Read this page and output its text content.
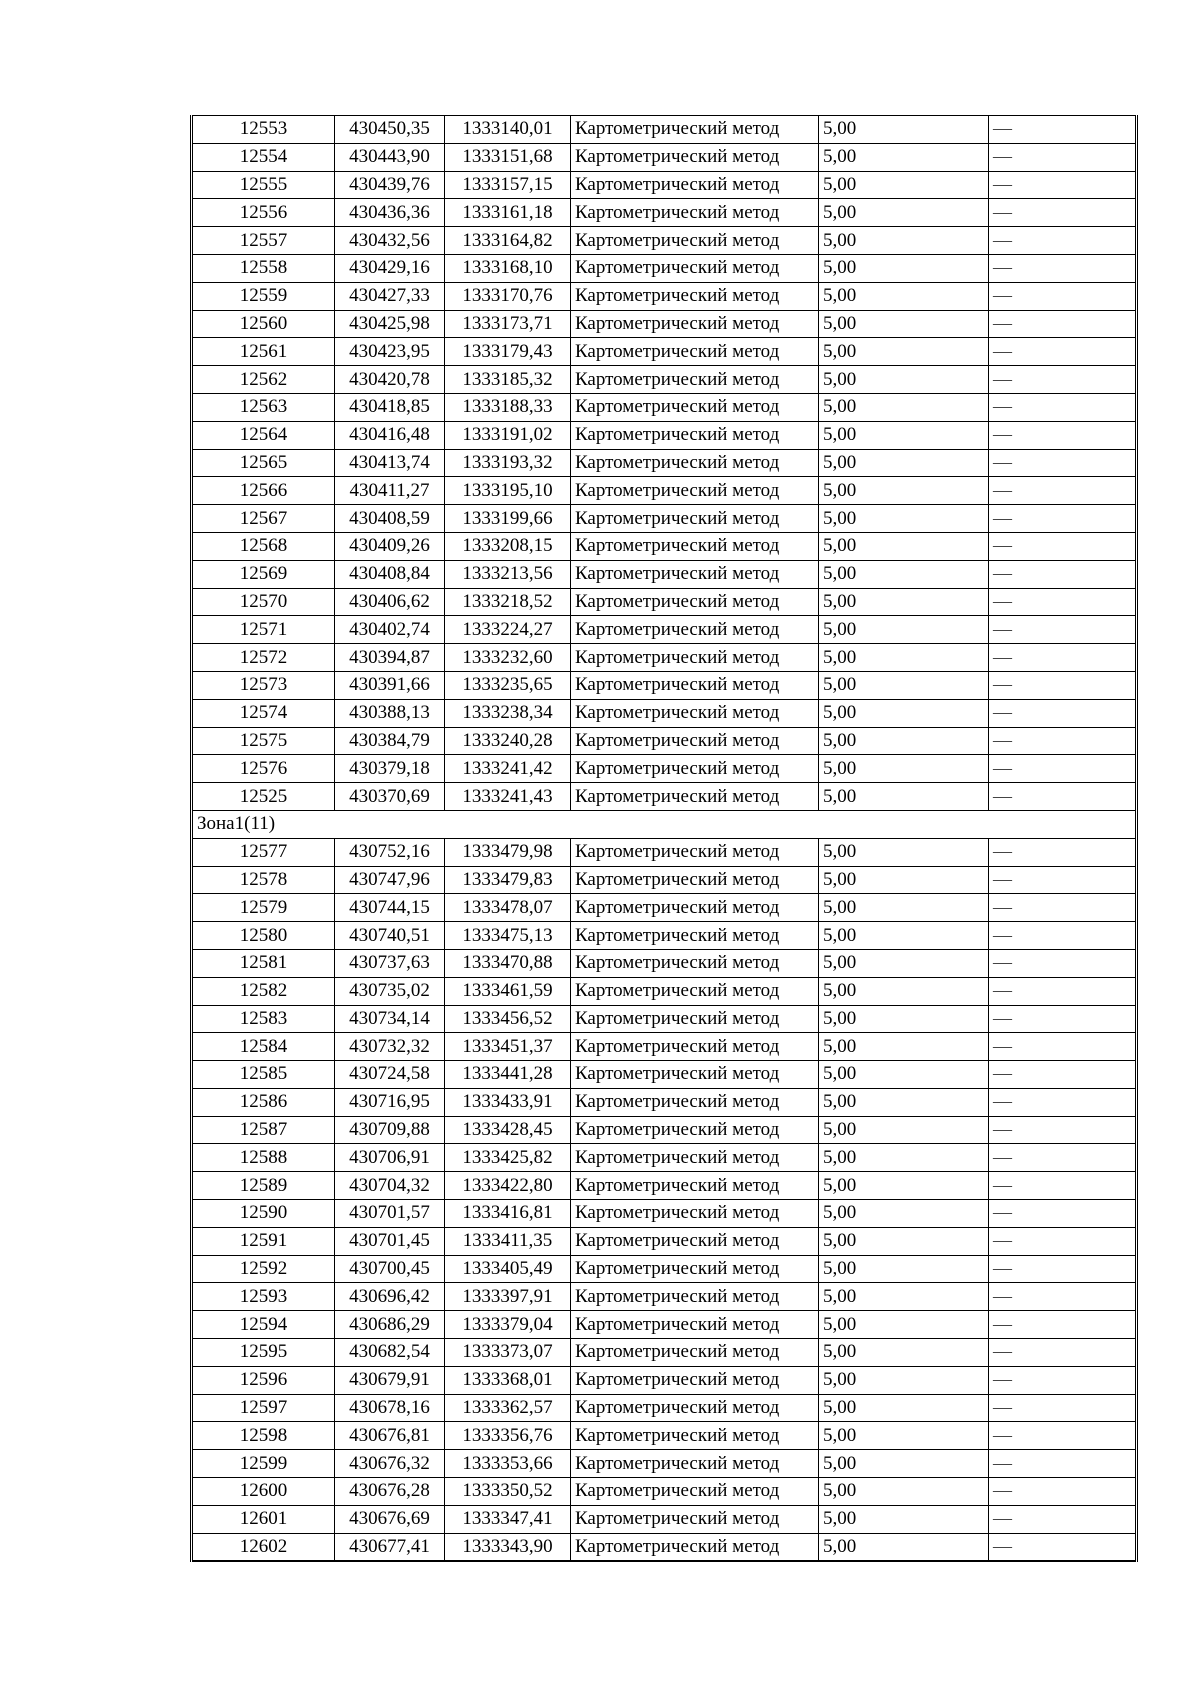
12553	430450,35	1333140,01	Картометрический метод	5,00	—
12554	430443,90	1333151,68	Картометрический метод	5,00	—
12555	430439,76	1333157,15	Картометрический метод	5,00	—
12556	430436,36	1333161,18	Картометрический метод	5,00	—
12557	430432,56	1333164,82	Картометрический метод	5,00	—
12558	430429,16	1333168,10	Картометрический метод	5,00	—
12559	430427,33	1333170,76	Картометрический метод	5,00	—
12560	430425,98	1333173,71	Картометрический метод	5,00	—
12561	430423,95	1333179,43	Картометрический метод	5,00	—
12562	430420,78	1333185,32	Картометрический метод	5,00	—
12563	430418,85	1333188,33	Картометрический метод	5,00	—
12564	430416,48	1333191,02	Картометрический метод	5,00	—
12565	430413,74	1333193,32	Картометрический метод	5,00	—
12566	430411,27	1333195,10	Картометрический метод	5,00	—
12567	430408,59	1333199,66	Картометрический метод	5,00	—
12568	430409,26	1333208,15	Картометрический метод	5,00	—
12569	430408,84	1333213,56	Картометрический метод	5,00	—
12570	430406,62	1333218,52	Картометрический метод	5,00	—
12571	430402,74	1333224,27	Картометрический метод	5,00	—
12572	430394,87	1333232,60	Картометрический метод	5,00	—
12573	430391,66	1333235,65	Картометрический метод	5,00	—
12574	430388,13	1333238,34	Картометрический метод	5,00	—
12575	430384,79	1333240,28	Картометрический метод	5,00	—
12576	430379,18	1333241,42	Картометрический метод	5,00	—
12525	430370,69	1333241,43	Картометрический метод	5,00	—
Зона1(11)					
12577	430752,16	1333479,98	Картометрический метод	5,00	—
12578	430747,96	1333479,83	Картометрический метод	5,00	—
12579	430744,15	1333478,07	Картометрический метод	5,00	—
12580	430740,51	1333475,13	Картометрический метод	5,00	—
12581	430737,63	1333470,88	Картометрический метод	5,00	—
12582	430735,02	1333461,59	Картометрический метод	5,00	—
12583	430734,14	1333456,52	Картометрический метод	5,00	—
12584	430732,32	1333451,37	Картометрический метод	5,00	—
12585	430724,58	1333441,28	Картометрический метод	5,00	—
12586	430716,95	1333433,91	Картометрический метод	5,00	—
12587	430709,88	1333428,45	Картометрический метод	5,00	—
12588	430706,91	1333425,82	Картометрический метод	5,00	—
12589	430704,32	1333422,80	Картометрический метод	5,00	—
12590	430701,57	1333416,81	Картометрический метод	5,00	—
12591	430701,45	1333411,35	Картометрический метод	5,00	—
12592	430700,45	1333405,49	Картометрический метод	5,00	—
12593	430696,42	1333397,91	Картометрический метод	5,00	—
12594	430686,29	1333379,04	Картометрический метод	5,00	—
12595	430682,54	1333373,07	Картометрический метод	5,00	—
12596	430679,91	1333368,01	Картометрический метод	5,00	—
12597	430678,16	1333362,57	Картометрический метод	5,00	—
12598	430676,81	1333356,76	Картометрический метод	5,00	—
12599	430676,32	1333353,66	Картометрический метод	5,00	—
12600	430676,28	1333350,52	Картометрический метод	5,00	—
12601	430676,69	1333347,41	Картометрический метод	5,00	—
12602	430677,41	1333343,90	Картометрический метод	5,00	—
